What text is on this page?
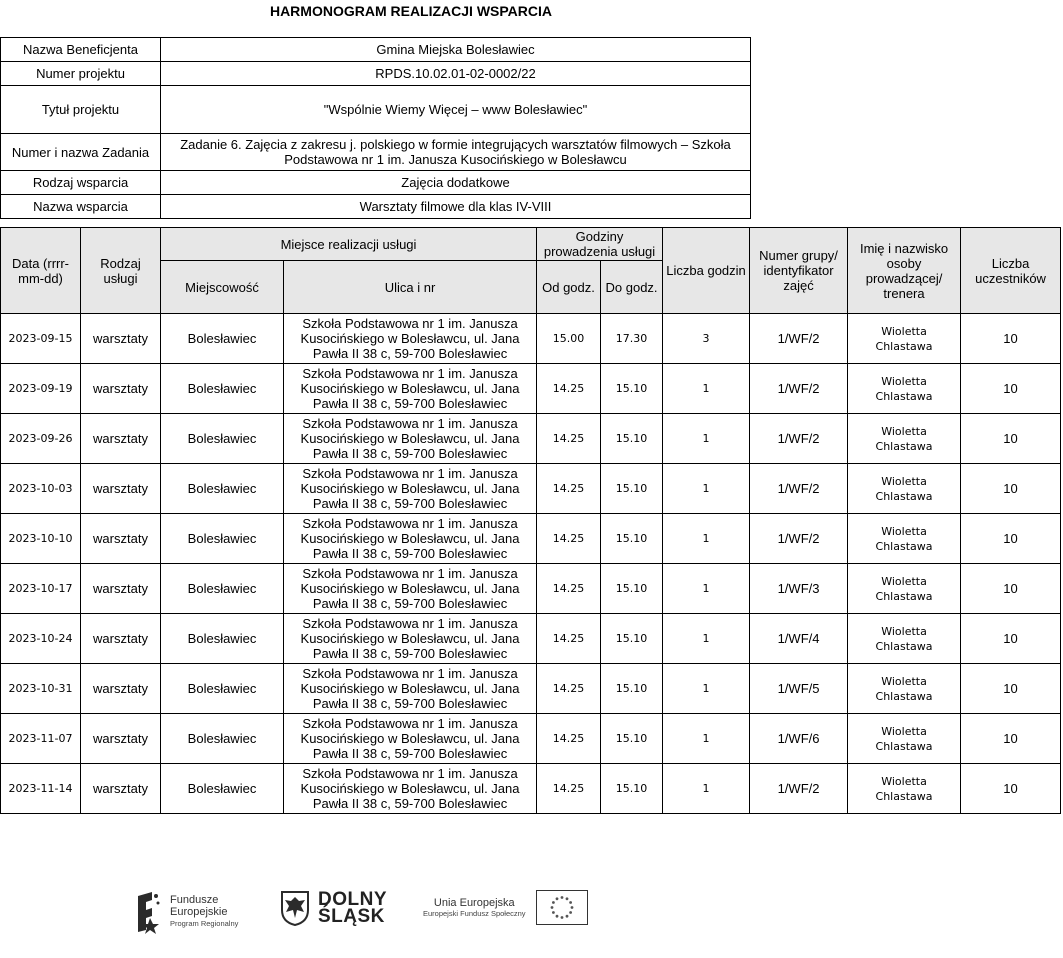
HARMONOGRAM REALIZACJI WSPARCIA
Nazwa Beneficjenta	Gmina Miejska Bolesławiec
Numer projektu	RPDS.10.02.01-02-0002/22
Tytuł projektu	"Wspólnie Wiemy Więcej – www Bolesławiec"
Numer i nazwa Zadania	Zadanie 6. Zajęcia z zakresu j. polskiego w formie integrujących warsztatów filmowych – Szkoła Podstawowa nr 1 im. Janusza Kusocińskiego w Bolesławcu
Rodzaj wsparcia	Zajęcia dodatkowe
Nazwa wsparcia	Warsztaty filmowe dla klas IV-VIII
Data (rrrr-mm-dd)	Rodzaj usługi	Miejsce realizacji usługi		Godziny prowadzenia usługi		Liczba godzin	Numer grupy/ identyfikator zajęć	Imię i nazwisko osoby prowadzącej/ trenera	Liczba uczestników
		Miejscowość	Ulica i nr	Od godz.	Do godz.				
2023-09-15	warsztaty	Bolesławiec	Szkoła Podstawowa nr 1 im. Janusza Kusocińskiego w Bolesławcu, ul. Jana Pawła II 38 c, 59-700 Bolesławiec	15.00	17.30	3	1/WF/2	Wioletta Chlastawa	10
2023-09-19	warsztaty	Bolesławiec	Szkoła Podstawowa nr 1 im. Janusza Kusocińskiego w Bolesławcu, ul. Jana Pawła II 38 c, 59-700 Bolesławiec	14.25	15.10	1	1/WF/2	Wioletta Chlastawa	10
2023-09-26	warsztaty	Bolesławiec	Szkoła Podstawowa nr 1 im. Janusza Kusocińskiego w Bolesławcu, ul. Jana Pawła II 38 c, 59-700 Bolesławiec	14.25	15.10	1	1/WF/2	Wioletta Chlastawa	10
2023-10-03	warsztaty	Bolesławiec	Szkoła Podstawowa nr 1 im. Janusza Kusocińskiego w Bolesławcu, ul. Jana Pawła II 38 c, 59-700 Bolesławiec	14.25	15.10	1	1/WF/2	Wioletta Chlastawa	10
2023-10-10	warsztaty	Bolesławiec	Szkoła Podstawowa nr 1 im. Janusza Kusocińskiego w Bolesławcu, ul. Jana Pawła II 38 c, 59-700 Bolesławiec	14.25	15.10	1	1/WF/2	Wioletta Chlastawa	10
2023-10-17	warsztaty	Bolesławiec	Szkoła Podstawowa nr 1 im. Janusza Kusocińskiego w Bolesławcu, ul. Jana Pawła II 38 c, 59-700 Bolesławiec	14.25	15.10	1	1/WF/3	Wioletta Chlastawa	10
2023-10-24	warsztaty	Bolesławiec	Szkoła Podstawowa nr 1 im. Janusza Kusocińskiego w Bolesławcu, ul. Jana Pawła II 38 c, 59-700 Bolesławiec	14.25	15.10	1	1/WF/4	Wioletta Chlastawa	10
2023-10-31	warsztaty	Bolesławiec	Szkoła Podstawowa nr 1 im. Janusza Kusocińskiego w Bolesławcu, ul. Jana Pawła II 38 c, 59-700 Bolesławiec	14.25	15.10	1	1/WF/5	Wioletta Chlastawa	10
2023-11-07	warsztaty	Bolesławiec	Szkoła Podstawowa nr 1 im. Janusza Kusocińskiego w Bolesławcu, ul. Jana Pawła II 38 c, 59-700 Bolesławiec	14.25	15.10	1	1/WF/6	Wioletta Chlastawa	10
2023-11-14	warsztaty	Bolesławiec	Szkoła Podstawowa nr 1 im. Janusza Kusocińskiego w Bolesławcu, ul. Jana Pawła II 38 c, 59-700 Bolesławiec	14.25	15.10	1	1/WF/2	Wioletta Chlastawa	10
Fundusze
Europejskie
Program Regionalny
DOLNY
ŚLĄSK
Unia Europejska
Europejski Fundusz Społeczny
